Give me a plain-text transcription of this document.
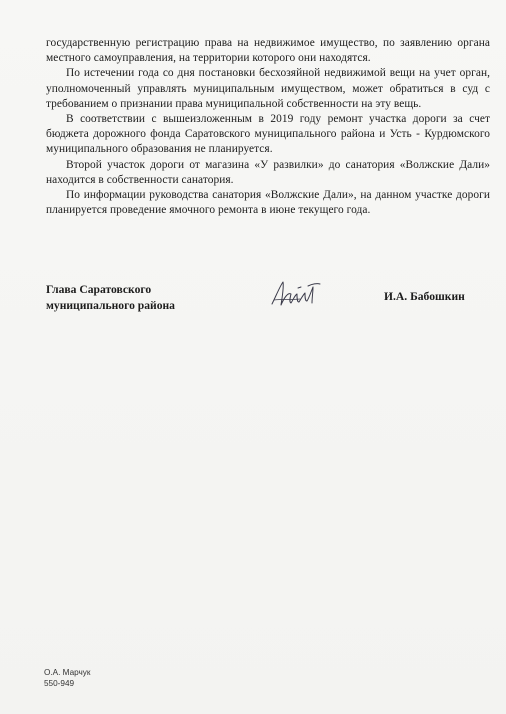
государственную регистрацию права на недвижимое имущество, по заявлению органа местного самоуправления, на территории которого они находятся.

По истечении года со дня постановки бесхозяйной недвижимой вещи на учет орган, уполномоченный управлять муниципальным имуществом, может обратиться в суд с требованием о признании права муниципальной собственности на эту вещь.

В соответствии с вышеизложенным в 2019 году ремонт участка дороги за счет бюджета дорожного фонда Саратовского муниципального района и Усть - Курдюмского муниципального образования не планируется.

Второй участок дороги от магазина «У развилки» до санатория «Волжские Дали» находится в собственности санатория.

По информации руководства санатория «Волжские Дали», на данном участке дороги планируется проведение ямочного ремонта в июне текущего года.

Глава Саратовского
муниципального района
И.А. Бабошкин
О.А. Марчук
550-949
